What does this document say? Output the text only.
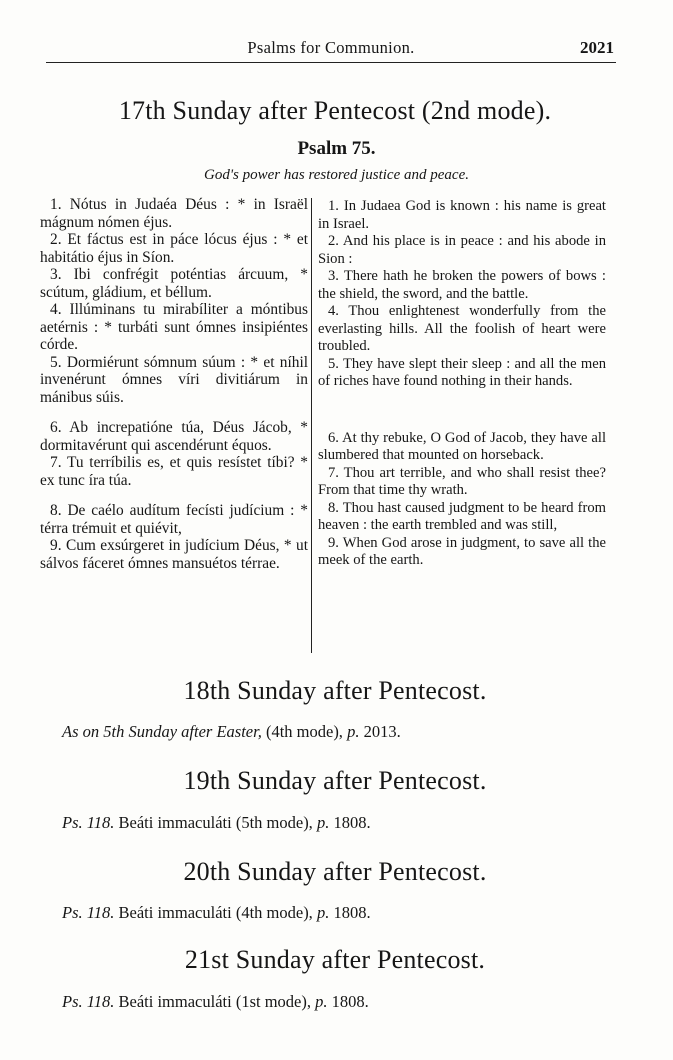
Psalms for Communion.	2021
17th Sunday after Pentecost (2nd mode).
Psalm 75.
God's power has restored justice and peace.

1. Nótus in Judaéa Déus : * in Israël mágnum nómen éjus.

2. Et fáctus est in páce lócus éjus : * et habitátio éjus in Síon.

3. Ibi confrégit poténtias árcuum, * scútum, gládium, et béllum.

4. Illúminans tu mirabíliter a móntibus aetérnis : * turbáti sunt ómnes insipiéntes córde.

5. Dormiérunt sómnum súum : * et níhil invenérunt ómnes víri divitiárum in mánibus súis.

6. Ab increpatióne túa, Déus Jácob, * dormitavérunt qui ascendérunt équos.

7. Tu terríbilis es, et quis resístet tíbi? * ex tunc íra túa.

8. De caélo audítum fecísti judícium : * térra trémuit et quiévit,

9. Cum exsúrgeret in judícium Déus, * ut sálvos fáceret ómnes mansuétos térrae.

1. In Judaea God is known : his name is great in Israel.

2. And his place is in peace : and his abode in Sion :

3. There hath he broken the powers of bows : the shield, the sword, and the battle.

4. Thou enlightenest wonderfully from the everlasting hills. All the foolish of heart were troubled.

5. They have slept their sleep : and all the men of riches have found nothing in their hands.

6. At thy rebuke, O God of Jacob, they have all slumbered that mounted on horseback.

7. Thou art terrible, and who shall resist thee? From that time thy wrath.

8. Thou hast caused judgment to be heard from heaven : the earth trembled and was still,

9. When God arose in judgment, to save all the meek of the earth.

18th Sunday after Pentecost.
As on 5th Sunday after Easter, (4th mode), p. 2013.
19th Sunday after Pentecost.
Ps. 118. Beáti immaculáti (5th mode), p. 1808.
20th Sunday after Pentecost.
Ps. 118. Beáti immaculáti (4th mode), p. 1808.
21st Sunday after Pentecost.
Ps. 118. Beáti immaculáti (1st mode), p. 1808.
